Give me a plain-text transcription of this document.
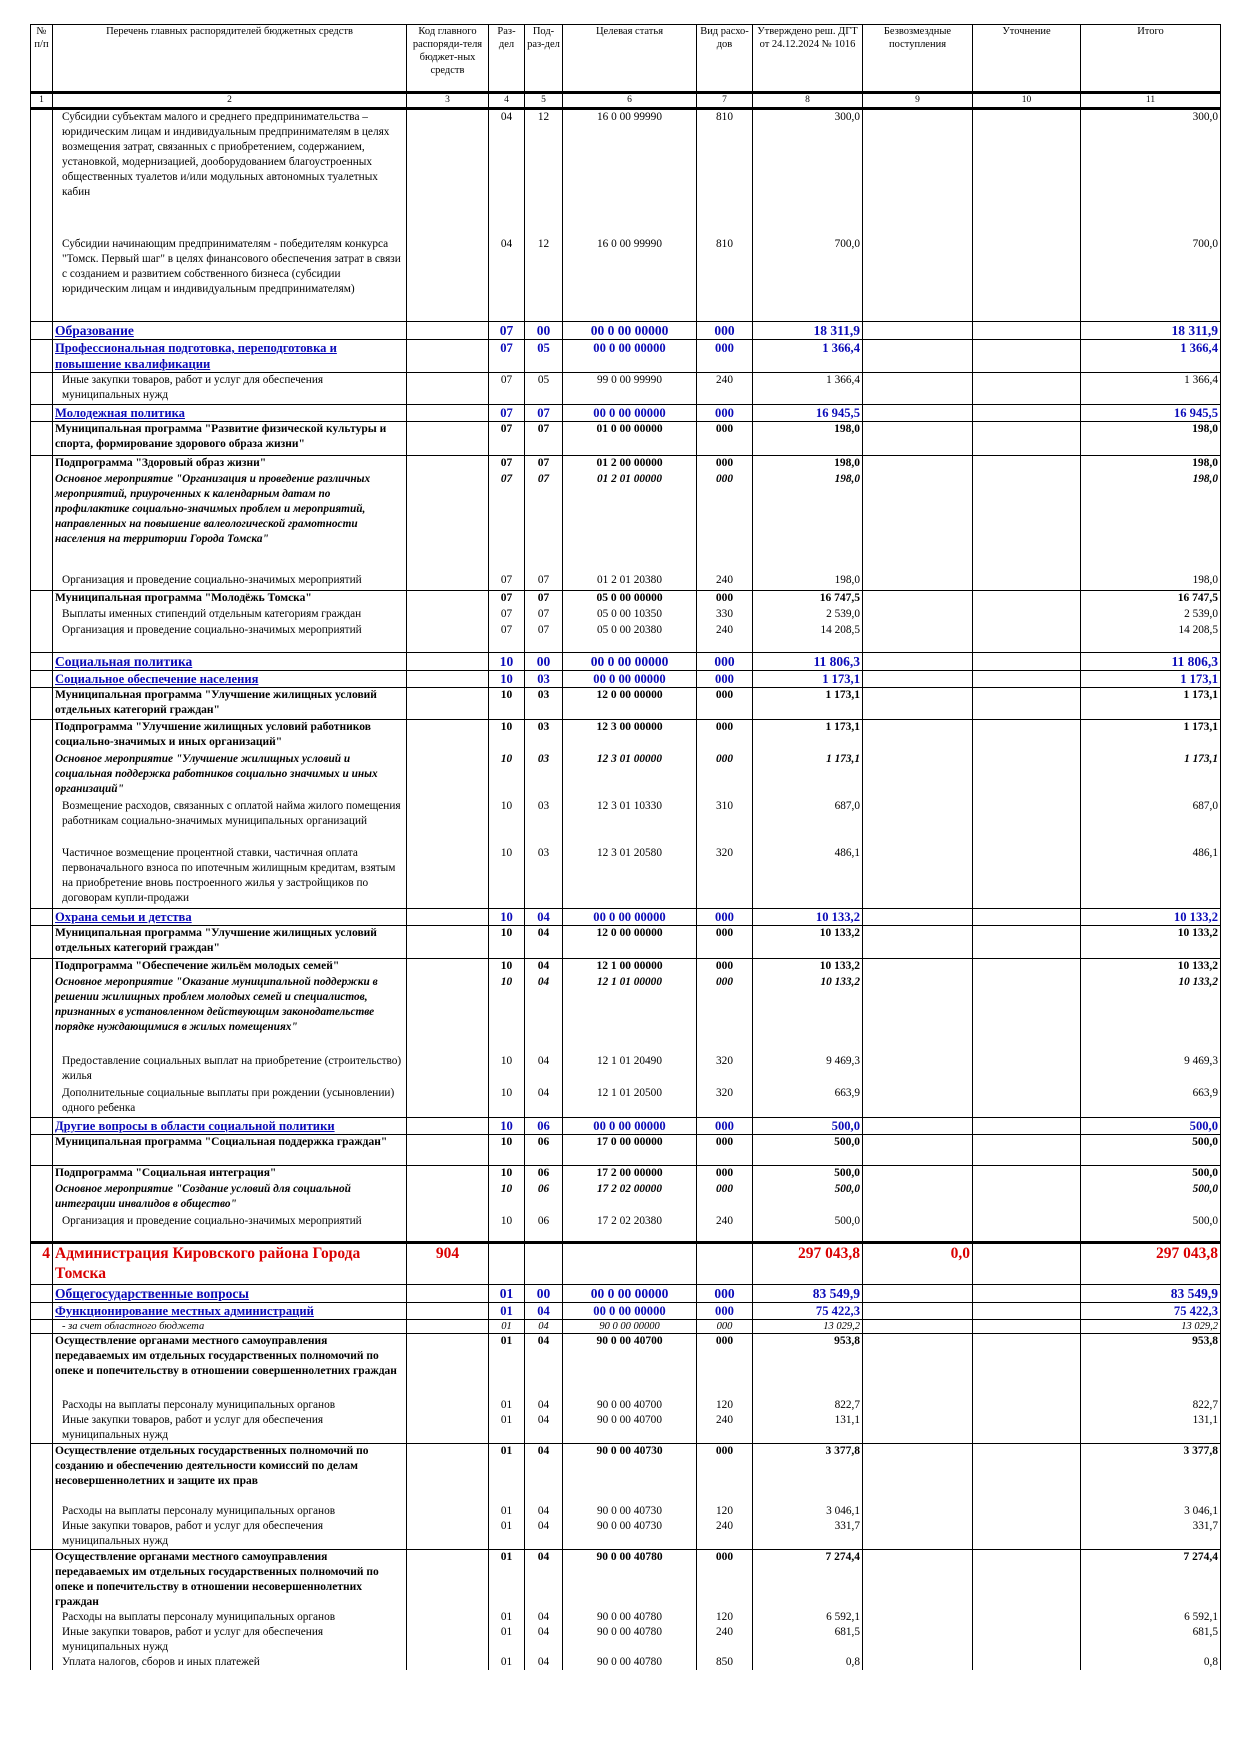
№ п/п	Перечень главных распорядителей бюджетных средств	Код главного распоряди-теля бюджет-ных средств	Раз-дел	Под-раз-дел	Целевая статья	Вид расхо-дов	Утверждено реш. ДГТ от 24.12.2024 № 1016	Безвозмездные поступления	Уточнение	Итого
1	2	3	4	5	6	7	8	9	10	11
	Субсидии субъектам малого и среднего предпринимательства – юридическим лицам и индивидуальным предпринимателям в целях возмещения затрат, связанных с приобретением, содержанием, установкой, модернизацией, дооборудованием благоустроенных общественных туалетов и/или модульных автономных туалетных кабин		04	12	16 0 00 99990	810	300,0			300,0
	Субсидии начинающим предпринимателям - победителям конкурса "Томск. Первый шаг" в целях финансового обеспечения затрат в связи с созданием и развитием собственного бизнеса (субсидии юридическим лицам и индивидуальным предпринимателям)		04	12	16 0 00 99990	810	700,0			700,0
	Образование		07	00	00 0 00 00000	000	18 311,9			18 311,9
	Профессиональная подготовка, переподготовка и повышение квалификации		07	05	00 0 00 00000	000	1 366,4			1 366,4
	Иные закупки товаров, работ и услуг для обеспечения муниципальных нужд		07	05	99 0 00 99990	240	1 366,4			1 366,4
	Молодежная политика		07	07	00 0 00 00000	000	16 945,5			16 945,5
	Муниципальная программа "Развитие физической культуры и спорта, формирование здорового образа жизни"		07	07	01 0 00 00000	000	198,0			198,0
	Подпрограмма "Здоровый образ жизни"		07	07	01 2 00 00000	000	198,0			198,0
	Основное мероприятие "Организация и проведение различных мероприятий, приуроченных к календарным датам по профилактике социально-значимых проблем и мероприятий, направленных на повышение валеологической грамотности населения на территории Города Томска"		07	07	01 2 01 00000	000	198,0			198,0
	Организация и проведение социально-значимых мероприятий		07	07	01 2 01 20380	240	198,0			198,0
	Муниципальная программа "Молодёжь Томска"		07	07	05 0 00 00000	000	16 747,5			16 747,5
	Выплаты именных стипендий отдельным категориям граждан		07	07	05 0 00 10350	330	2 539,0			2 539,0
	Организация и проведение социально-значимых мероприятий		07	07	05 0 00 20380	240	14 208,5			14 208,5
	Социальная политика		10	00	00 0 00 00000	000	11 806,3			11 806,3
	Социальное обеспечение населения		10	03	00 0 00 00000	000	1 173,1			1 173,1
	Муниципальная программа "Улучшение жилищных условий отдельных категорий граждан"		10	03	12 0 00 00000	000	1 173,1			1 173,1
	Подпрограмма "Улучшение жилищных условий работников социально-значимых и иных организаций"		10	03	12 3 00 00000	000	1 173,1			1 173,1
	Основное мероприятие "Улучшение жилищных условий и социальная поддержка работников социально значимых и иных организаций"		10	03	12 3 01 00000	000	1 173,1			1 173,1
	Возмещение расходов, связанных с оплатой найма жилого помещения работникам социально-значимых муниципальных организаций		10	03	12 3 01 10330	310	687,0			687,0
	Частичное возмещение процентной ставки, частичная оплата первоначального взноса по ипотечным жилищным кредитам, взятым на приобретение вновь построенного жилья у застройщиков по договорам купли-продажи		10	03	12 3 01 20580	320	486,1			486,1
	Охрана семьи и детства		10	04	00 0 00 00000	000	10 133,2			10 133,2
	Муниципальная программа "Улучшение жилищных условий отдельных категорий граждан"		10	04	12 0 00 00000	000	10 133,2			10 133,2
	Подпрограмма "Обеспечение жильём молодых семей"		10	04	12 1 00 00000	000	10 133,2			10 133,2
	Основное мероприятие "Оказание муниципальной поддержки в решении жилищных проблем молодых семей и специалистов, признанных в установленном действующим законодательстве порядке нуждающимися в жилых помещениях"		10	04	12 1 01 00000	000	10 133,2			10 133,2
	Предоставление социальных выплат на приобретение (строительство) жилья		10	04	12 1 01 20490	320	9 469,3			9 469,3
	Дополнительные социальные выплаты при рождении (усыновлении) одного ребенка		10	04	12 1 01 20500	320	663,9			663,9
	Другие вопросы в области социальной политики		10	06	00 0 00 00000	000	500,0			500,0
	Муниципальная программа "Социальная поддержка граждан"		10	06	17 0 00 00000	000	500,0			500,0
	Подпрограмма "Социальная интеграция"		10	06	17 2 00 00000	000	500,0			500,0
	Основное мероприятие "Создание условий для социальной интеграции инвалидов в общество"		10	06	17 2 02 00000	000	500,0			500,0
	Организация и проведение социально-значимых мероприятий		10	06	17 2 02 20380	240	500,0			500,0
4	Администрация Кировского района Города Томска	904					297 043,8	0,0		297 043,8
	Общегосударственные вопросы		01	00	00 0 00 00000	000	83 549,9			83 549,9
	Функционирование местных администраций		01	04	00 0 00 00000	000	75 422,3			75 422,3
	- за счет областного бюджета		01	04	90 0 00 00000	000	13 029,2			13 029,2
	Осуществление органами местного самоуправления передаваемых им отдельных государственных полномочий по опеке и попечительству в отношении совершеннолетних граждан		01	04	90 0 00 40700	000	953,8			953,8
	Расходы на выплаты персоналу муниципальных органов		01	04	90 0 00 40700	120	822,7			822,7
	Иные закупки товаров, работ и услуг для обеспечения муниципальных нужд		01	04	90 0 00 40700	240	131,1			131,1
	Осуществление отдельных государственных полномочий по созданию и обеспечению деятельности комиссий по делам несовершеннолетних и защите их прав		01	04	90 0 00 40730	000	3 377,8			3 377,8
	Расходы на выплаты персоналу муниципальных органов		01	04	90 0 00 40730	120	3 046,1			3 046,1
	Иные закупки товаров, работ и услуг для обеспечения муниципальных нужд		01	04	90 0 00 40730	240	331,7			331,7
	Осуществление органами местного самоуправления передаваемых им отдельных государственных полномочий по опеке и попечительству в отношении несовершеннолетних граждан		01	04	90 0 00 40780	000	7 274,4			7 274,4
	Расходы на выплаты персоналу муниципальных органов		01	04	90 0 00 40780	120	6 592,1			6 592,1
	Иные закупки товаров, работ и услуг для обеспечения муниципальных нужд		01	04	90 0 00 40780	240	681,5			681,5
	Уплата налогов, сборов и иных платежей		01	04	90 0 00 40780	850	0,8			0,8
